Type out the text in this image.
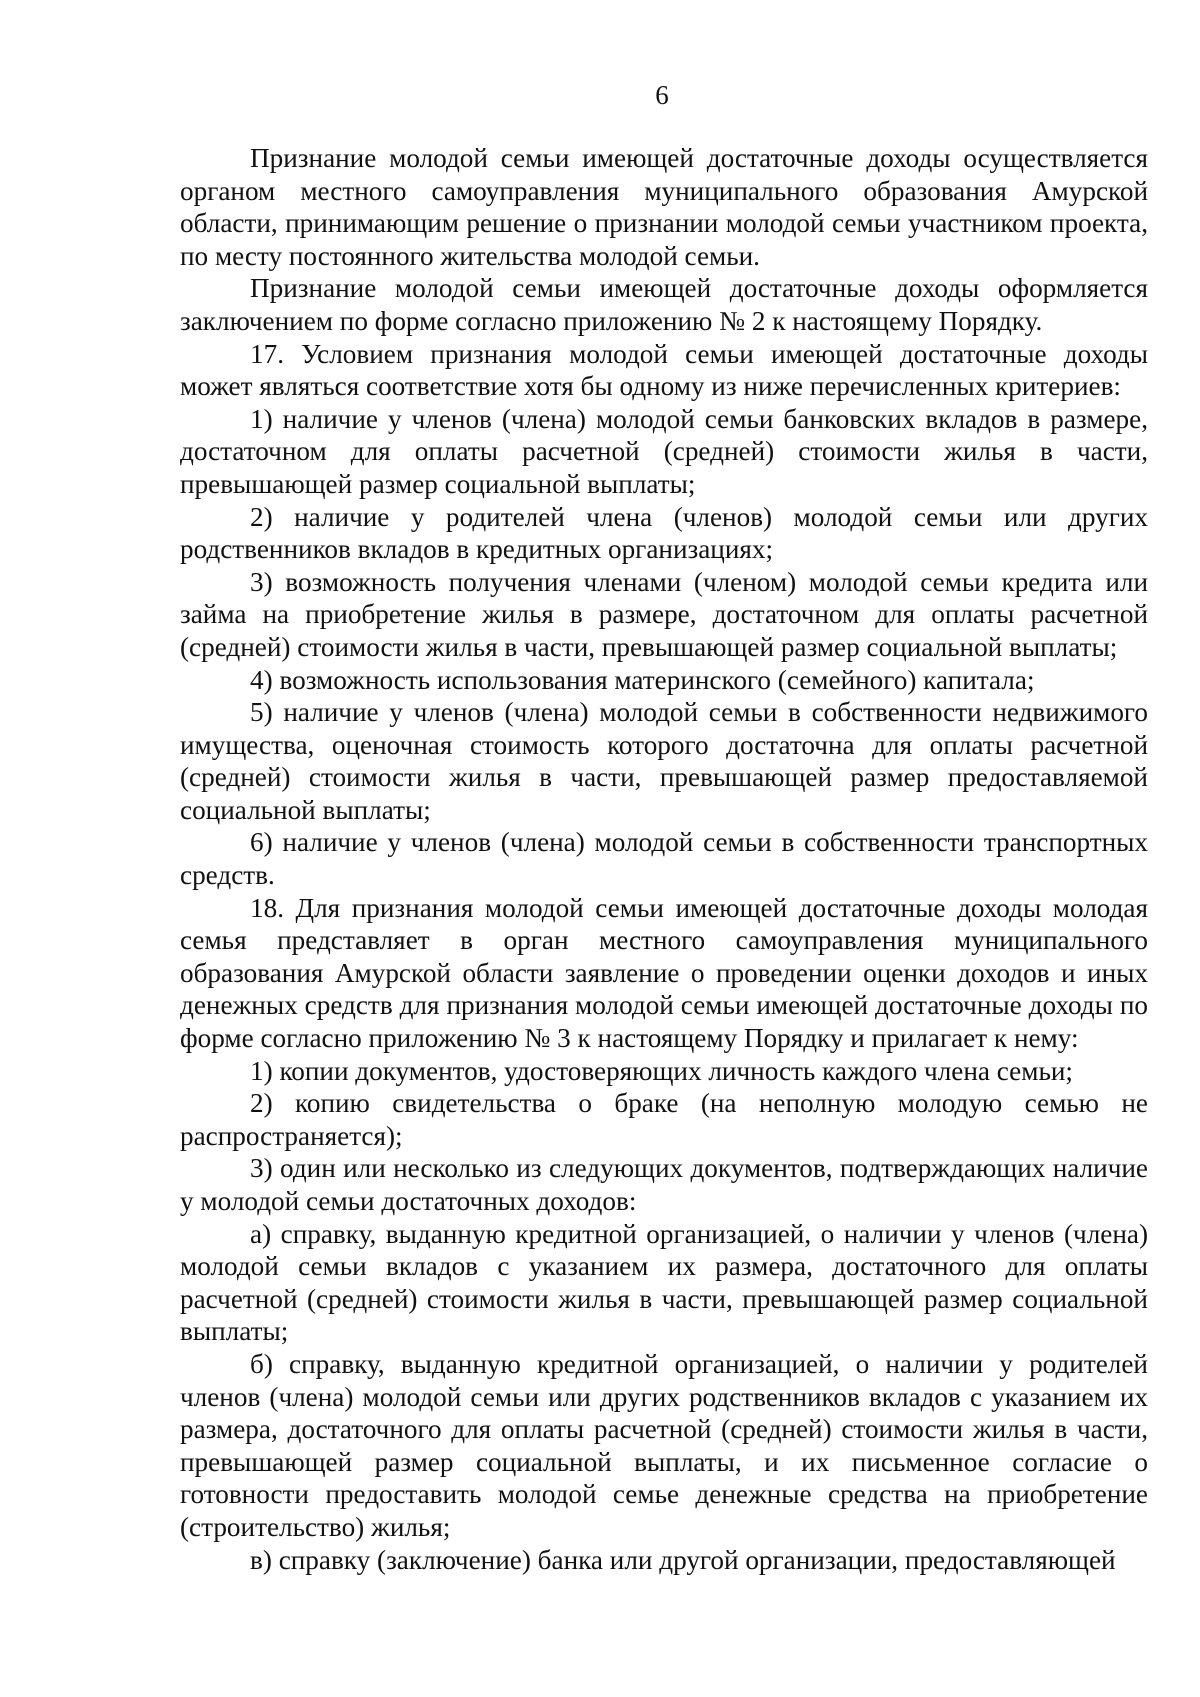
6

Признание молодой семьи имеющей достаточные доходы осуществляется органом местного самоуправления муниципального образования Амурской области, принимающим решение о признании молодой семьи участником проекта, по месту постоянного жительства молодой семьи.

Признание молодой семьи имеющей достаточные доходы оформляется заключением по форме согласно приложению № 2 к настоящему Порядку.

17. Условием признания молодой семьи имеющей достаточные доходы может являться соответствие хотя бы одному из ниже перечисленных критериев:

1) наличие у членов (члена) молодой семьи банковских вкладов в размере, достаточном для оплаты расчетной (средней) стоимости жилья в части, превышающей размер социальной выплаты;

2) наличие у родителей члена (членов) молодой семьи или других родственников вкладов в кредитных организациях;

3) возможность получения членами (членом) молодой семьи кредита или займа на приобретение жилья в размере, достаточном для оплаты расчетной (средней) стоимости жилья в части, превышающей размер социальной выплаты;

4) возможность использования материнского (семейного) капитала;

5) наличие у членов (члена) молодой семьи в собственности недвижимого имущества, оценочная стоимость которого достаточна для оплаты расчетной (средней) стоимости жилья в части, превышающей размер предоставляемой социальной выплаты;

6) наличие у членов (члена) молодой семьи в собственности транспортных средств.

18. Для признания молодой семьи имеющей достаточные доходы молодая семья представляет в орган местного самоуправления муниципального образования Амурской области заявление о проведении оценки доходов и иных денежных средств для признания молодой семьи имеющей достаточные доходы по форме согласно приложению № 3 к настоящему Порядку и прилагает к нему:

1) копии документов, удостоверяющих личность каждого члена семьи;

2) копию свидетельства о браке (на неполную молодую семью не распространяется);

3) один или несколько из следующих документов, подтверждающих наличие у молодой семьи достаточных доходов:

а) справку, выданную кредитной организацией, о наличии у членов (члена) молодой семьи вкладов с указанием их размера, достаточного для оплаты расчетной (средней) стоимости жилья в части, превышающей размер социальной выплаты;

б) справку, выданную кредитной организацией, о наличии у родителей членов (члена) молодой семьи или других родственников вкладов с указанием их размера, достаточного для оплаты расчетной (средней) стоимости жилья в части, превышающей размер социальной выплаты, и их письменное согласие о готовности предоставить молодой семье денежные средства на приобретение (строительство) жилья;

в) справку (заключение) банка или другой организации, предоставляющей
